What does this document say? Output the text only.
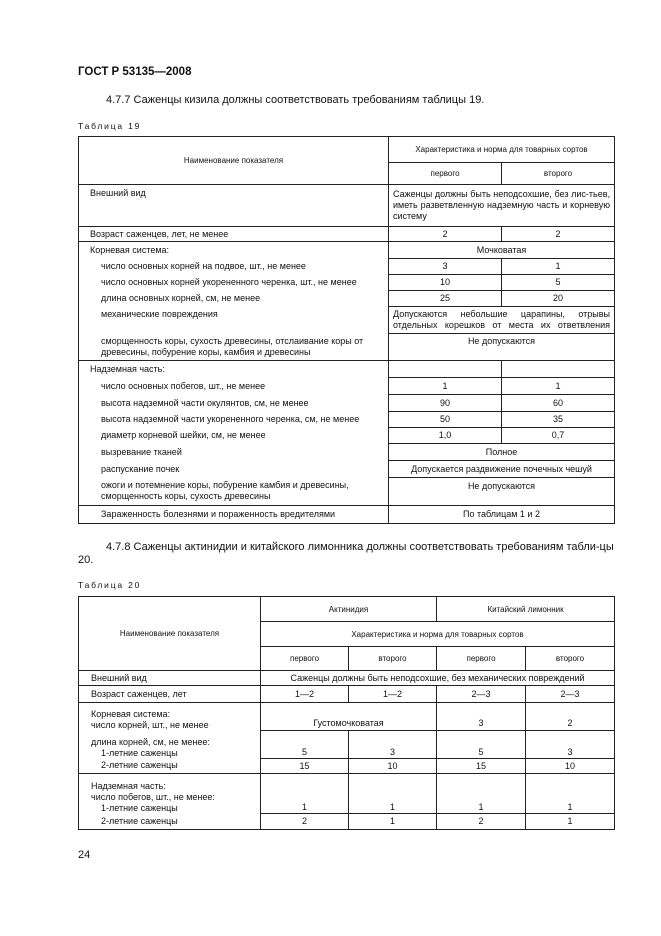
ГОСТ Р 53135—2008
4.7.7 Саженцы кизила должны соответствовать требованиям таблицы 19.
Таблица 19
Наименование показателя	Характеристика и норма для товарных сортов	
	первого	второго
Внешний вид	Саженцы должны быть неподсохшие, без лис-тьев, иметь разветвленную надземную часть и корневую систему	
Возраст саженцев, лет, не менее	2	2
Корневая система:	Мочковатая	
число основных корней на подвое, шт., не менее	3	1
число основных корней укорененного черенка, шт., не менее	10	5
длина основных корней, см, не менее	25	20
механические повреждения	Допускаются небольшие царапины, отрывы отдельных корешков от места их ответвления	
сморщенность коры, сухость древесины, отслаивание коры от древесины, побурение коры, камбия и древесины	Не допускаются	
Надземная часть:		
число основных побегов, шт., не менее	1	1
высота надземной части окулянтов, см, не менее	90	60
высота надземной части укорененного черенка, см, не менее	50	35
диаметр корневой шейки, см, не менее	1,0	0,7
вызревание тканей	Полное	
распускание почек	Допускается раздвижение почечных чешуй	
ожоги и потемнение коры, побурение камбия и древесины, сморщенность коры, сухость древесины	Не допускаются	
Зараженность болезнями и пораженность вредителями	По таблицам 1 и 2	
4.7.8 Саженцы актинидии и китайского лимонника должны соответствовать требованиям табли-цы 20.
Таблица 20
Наименование показателя	Актинидия		Китайский лимонник	
	Характеристика и норма для товарных сортов			
	первого	второго	первого	второго
Внешний вид	Саженцы должны быть неподсохшие, без механических повреждений			
Возраст саженцев, лет	1—2	1—2	2—3	2—3
Корневая система:
число корней, шт., не менее	Густомочковатая		3	2
длина корней, см, не менее:
1-летние саженцы	5	3	5	3
2-летние саженцы	15	10	15	10
Надземная часть:
число побегов, шт., не менее:
1-летние саженцы	1	1	1	1
2-летние саженцы	2	1	2	1
24
